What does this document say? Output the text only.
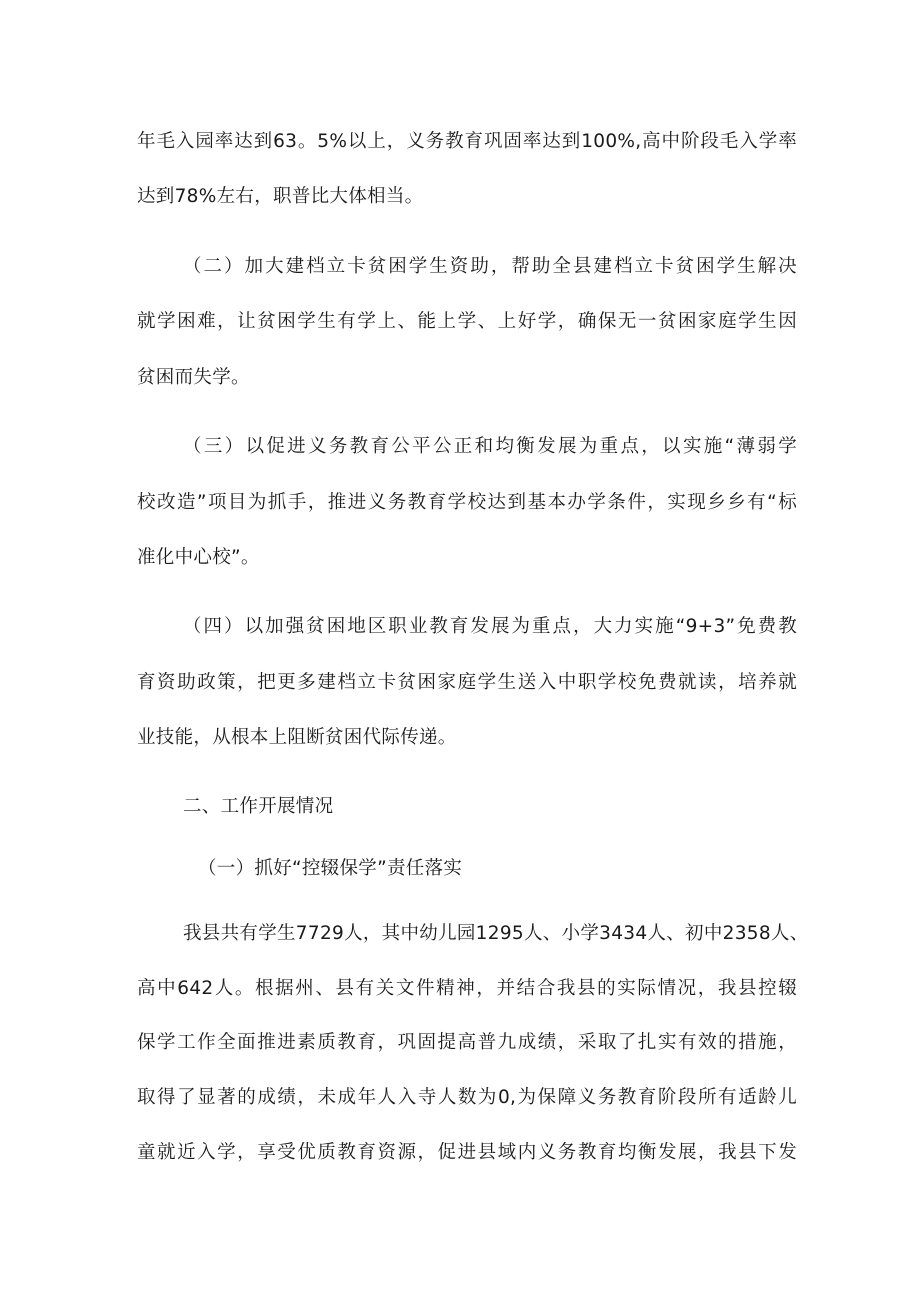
年毛入园率达到63。5%以上，义务教育巩固率达到100%,高中阶段毛入学率
达到78%左右，职普比大体相当。
（二）加大建档立卡贫困学生资助，帮助全县建档立卡贫困学生解决
就学困难，让贫困学生有学上、能上学、上好学，确保无一贫困家庭学生因
贫困而失学。
（三）以促进义务教育公平公正和均衡发展为重点，以实施“薄弱学
校改造”项目为抓手，推进义务教育学校达到基本办学条件，实现乡乡有“标
准化中心校”。
（四）以加强贫困地区职业教育发展为重点，大力实施“9+3”免费教
育资助政策，把更多建档立卡贫困家庭学生送入中职学校免费就读，培养就
业技能，从根本上阻断贫困代际传递。
二、工作开展情况
（一）抓好“控辍保学”责任落实
我县共有学生7729人，其中幼儿园1295人、小学3434人、初中2358人、
高中642人。根据州、县有关文件精神，并结合我县的实际情况，我县控辍
保学工作全面推进素质教育，巩固提高普九成绩，采取了扎实有效的措施，
取得了显著的成绩，未成年人入寺人数为0,为保障义务教育阶段所有适龄儿
童就近入学，享受优质教育资源，促进县域内义务教育均衡发展，我县下发
